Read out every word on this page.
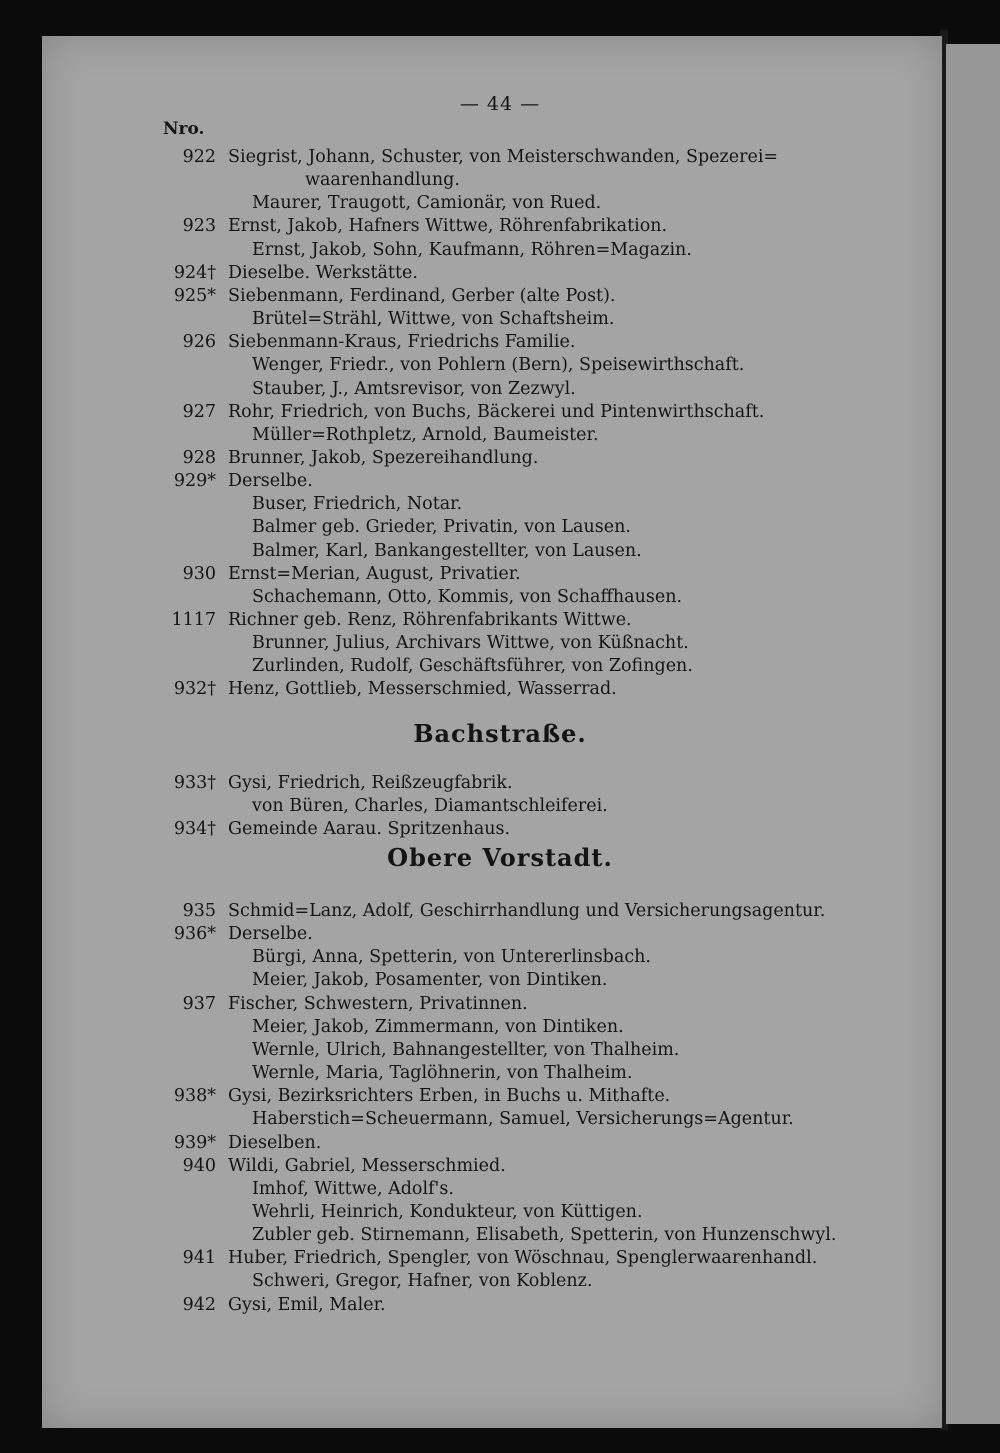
— 44 —
Nro.
922 Siegrist, Johann, Schuster, von Meisterschwanden, Spezerei=
waarenhandlung.
Maurer, Traugott, Camionär, von Rued.
923 Ernst, Jakob, Hafners Wittwe, Röhrenfabrikation.
Ernst, Jakob, Sohn, Kaufmann, Röhren=Magazin.
924† Dieselbe. Werkstätte.
925* Siebenmann, Ferdinand, Gerber (alte Post).
Brütel=Strähl, Wittwe, von Schaftsheim.
926 Siebenmann-Kraus, Friedrichs Familie.
Wenger, Friedr., von Pohlern (Bern), Speisewirthschaft.
Stauber, J., Amtsrevisor, von Zezwyl.
927 Rohr, Friedrich, von Buchs, Bäckerei und Pintenwirthschaft.
Müller=Rothpletz, Arnold, Baumeister.
928 Brunner, Jakob, Spezereihandlung.
929* Derselbe.
Buser, Friedrich, Notar.
Balmer geb. Grieder, Privatin, von Lausen.
Balmer, Karl, Bankangestellter, von Lausen.
930 Ernst=Merian, August, Privatier.
Schachemann, Otto, Kommis, von Schaffhausen.
1117 Richner geb. Renz, Röhrenfabrikants Wittwe.
Brunner, Julius, Archivars Wittwe, von Küßnacht.
Zurlinden, Rudolf, Geschäftsführer, von Zofingen.
932† Henz, Gottlieb, Messerschmied, Wasserrad.
Bachstraße.
933† Gysi, Friedrich, Reißzeugfabrik.
von Büren, Charles, Diamantschleiferei.
934† Gemeinde Aarau. Spritzenhaus.
Obere Vorstadt.
935 Schmid=Lanz, Adolf, Geschirrhandlung und Versicherungsagentur.
936* Derselbe.
Bürgi, Anna, Spetterin, von Untererlinsbach.
Meier, Jakob, Posamenter, von Dintiken.
937 Fischer, Schwestern, Privatinnen.
Meier, Jakob, Zimmermann, von Dintiken.
Wernle, Ulrich, Bahnangestellter, von Thalheim.
Wernle, Maria, Taglöhnerin, von Thalheim.
938* Gysi, Bezirksrichters Erben, in Buchs u. Mithafte.
Haberstich=Scheuermann, Samuel, Versicherungs=Agentur.
939* Dieselben.
940 Wildi, Gabriel, Messerschmied.
Imhof, Wittwe, Adolf's.
Wehrli, Heinrich, Kondukteur, von Küttigen.
Zubler geb. Stirnemann, Elisabeth, Spetterin, von Hunzenschwyl.
941 Huber, Friedrich, Spengler, von Wöschnau, Spenglerwaarenhandl.
Schweri, Gregor, Hafner, von Koblenz.
942 Gysi, Emil, Maler.
